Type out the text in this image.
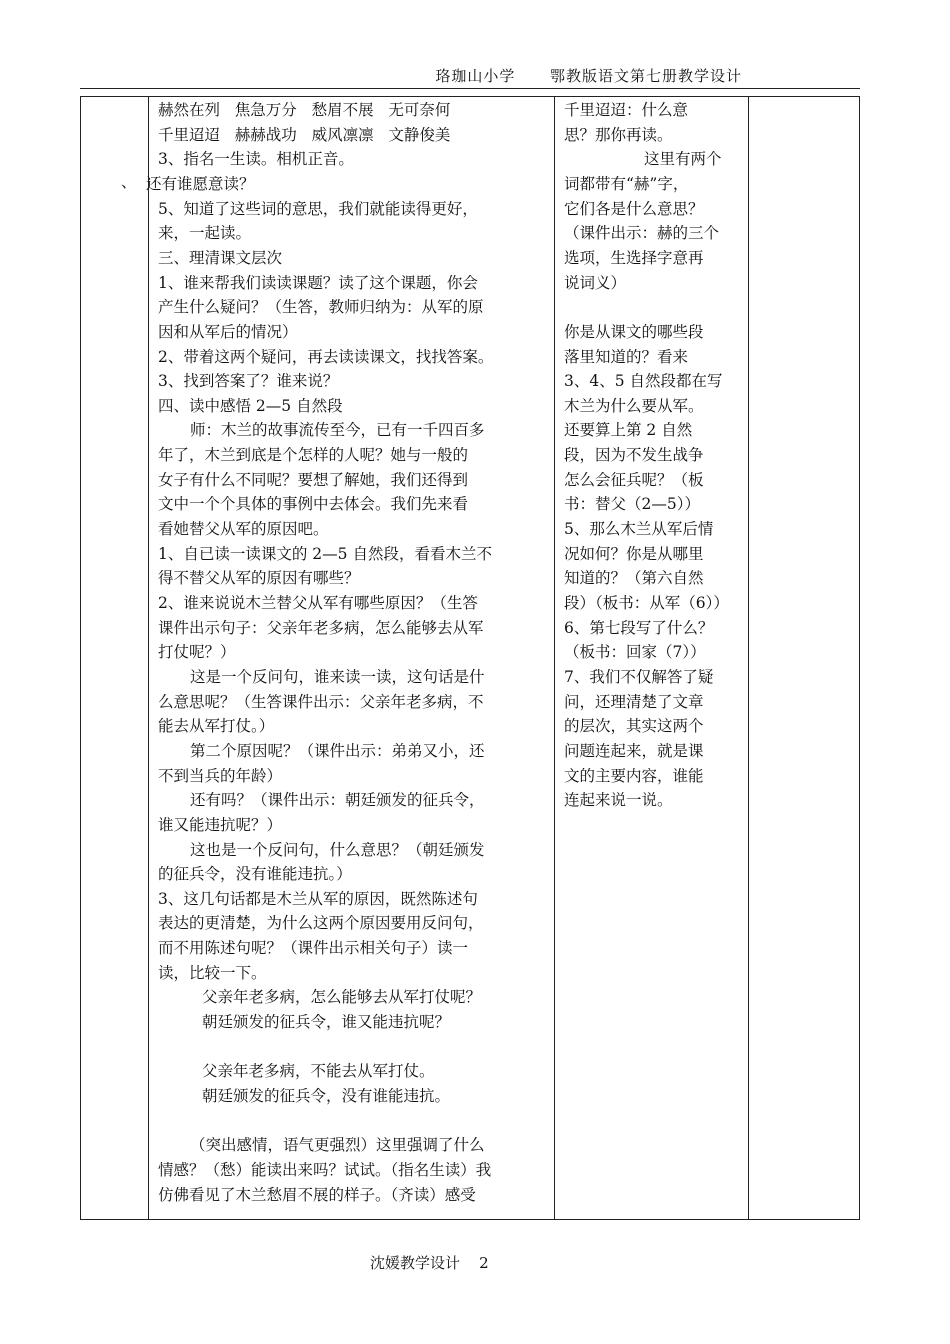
珞珈山小学 鄂教版语文第七册教学设计
赫然在列   焦急万分   愁眉不展   无可奈何
千里迢迢   赫赫战功   威风凛凛   文静俊美
3、指名一生读。相机正音。
还有谁愿意读？
5、知道了这些词的意思，我们就能读得更好，
来，一起读。
三、理清课文层次
1、谁来帮我们读读课题？读了这个课题，你会
产生什么疑问？（生答，教师归纳为：从军的原
因和从军后的情况）
2、带着这两个疑问，再去读读课文，找找答案。
3、找到答案了？谁来说？
四、读中感悟 2—5 自然段
师：木兰的故事流传至今，已有一千四百多
年了，木兰到底是个怎样的人呢？她与一般的
女子有什么不同呢？要想了解她，我们还得到
文中一个个具体的事例中去体会。我们先来看
看她替父从军的原因吧。
1、自已读一读课文的 2—5 自然段，看看木兰不
得不替父从军的原因有哪些？
2、谁来说说木兰替父从军有哪些原因？（生答
课件出示句子：父亲年老多病，怎么能够去从军
打仗呢？）
这是一个反问句，谁来读一读，这句话是什
么意思呢？（生答课件出示：父亲年老多病，不
能去从军打仗。）
第二个原因呢？（课件出示：弟弟又小，还
不到当兵的年龄）
还有吗？（课件出示：朝廷颁发的征兵令，
谁又能违抗呢？）
这也是一个反问句，什么意思？（朝廷颁发
的征兵令，没有谁能违抗。）
3、这几句话都是木兰从军的原因，既然陈述句
表达的更清楚，为什么这两个原因要用反问句，
而不用陈述句呢？（课件出示相关句子）读一
读，比较一下。
父亲年老多病，怎么能够去从军打仗呢？
朝廷颁发的征兵令，谁又能违抗呢？
父亲年老多病，不能去从军打仗。
朝廷颁发的征兵令，没有谁能违抗。
（突出感情，语气更强烈）这里强调了什么
情感？（愁）能读出来吗？试试。（指名生读）我
仿佛看见了木兰愁眉不展的样子。（齐读）感受
千里迢迢：什么意
思？那你再读。
这里有两个
词都带有“赫”字，
它们各是什么意思？
（课件出示：赫的三个
选项，生选择字意再
说词义）
你是从课文的哪些段
落里知道的？看来
3、4、5 自然段都在写
木兰为什么要从军。
还要算上第 2 自然
段，因为不发生战争
怎么会征兵呢？（板
书：替父（2—5））
5、那么木兰从军后情
况如何？你是从哪里
知道的？（第六自然
段）（板书：从军（6））
6、第七段写了什么？
（板书：回家（7））
7、我们不仅解答了疑
问，还理清楚了文章
的层次，其实这两个
问题连起来，就是课
文的主要内容，谁能
连起来说一说。
、
沈媛教学设计 2
